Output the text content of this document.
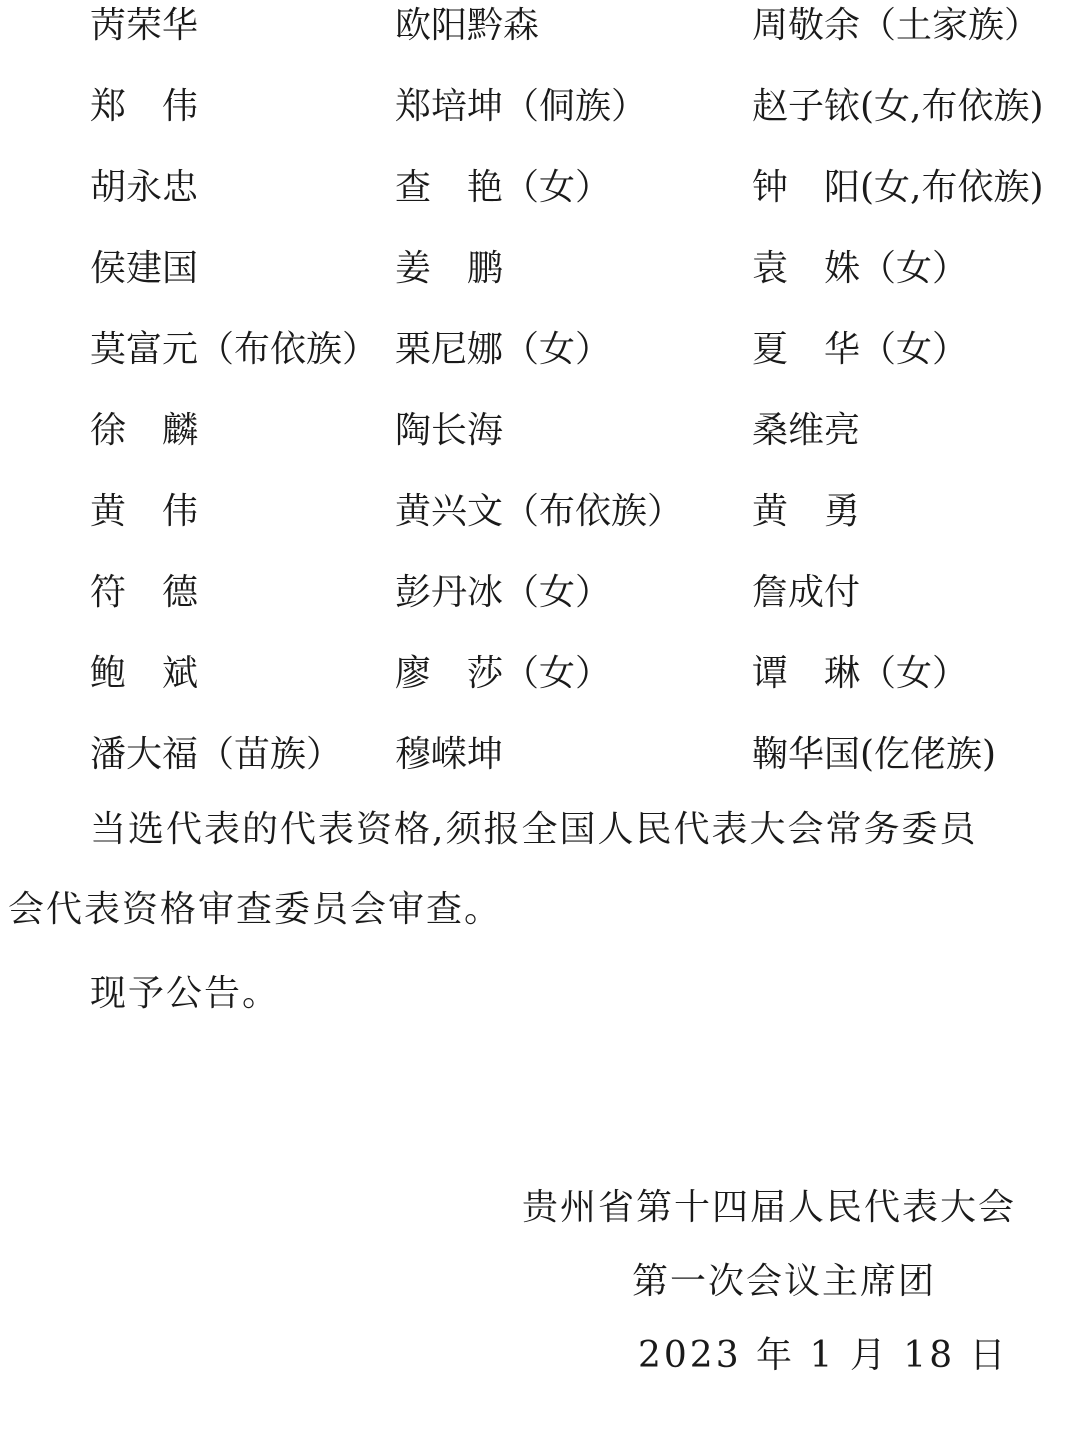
苪荣华	欧阳黔森	周敬余（土家族）
郑　伟	郑培坤（侗族）	赵子铱(女,布依族)
胡永忠	查　艳（女）	钟　阳(女,布依族)
侯建国	姜　鹏	袁　姝（女）
莫富元（布依族） 栗尼娜（女）	夏　华（女）
徐　麟	陶长海	桑维亮
黄　伟	黄兴文（布依族） 黄　勇
符　德	彭丹冰（女）	詹成付
鲍　斌	廖　莎（女）	谭　琳（女）
潘大福（苗族） 穆嵘坤	鞠华国(仡佬族)
当选代表的代表资格,须报全国人民代表大会常务委员
会代表资格审查委员会审查。
现予公告。
贵州省第十四届人民代表大会
第一次会议主席团
2023 年 1 月 18 日
